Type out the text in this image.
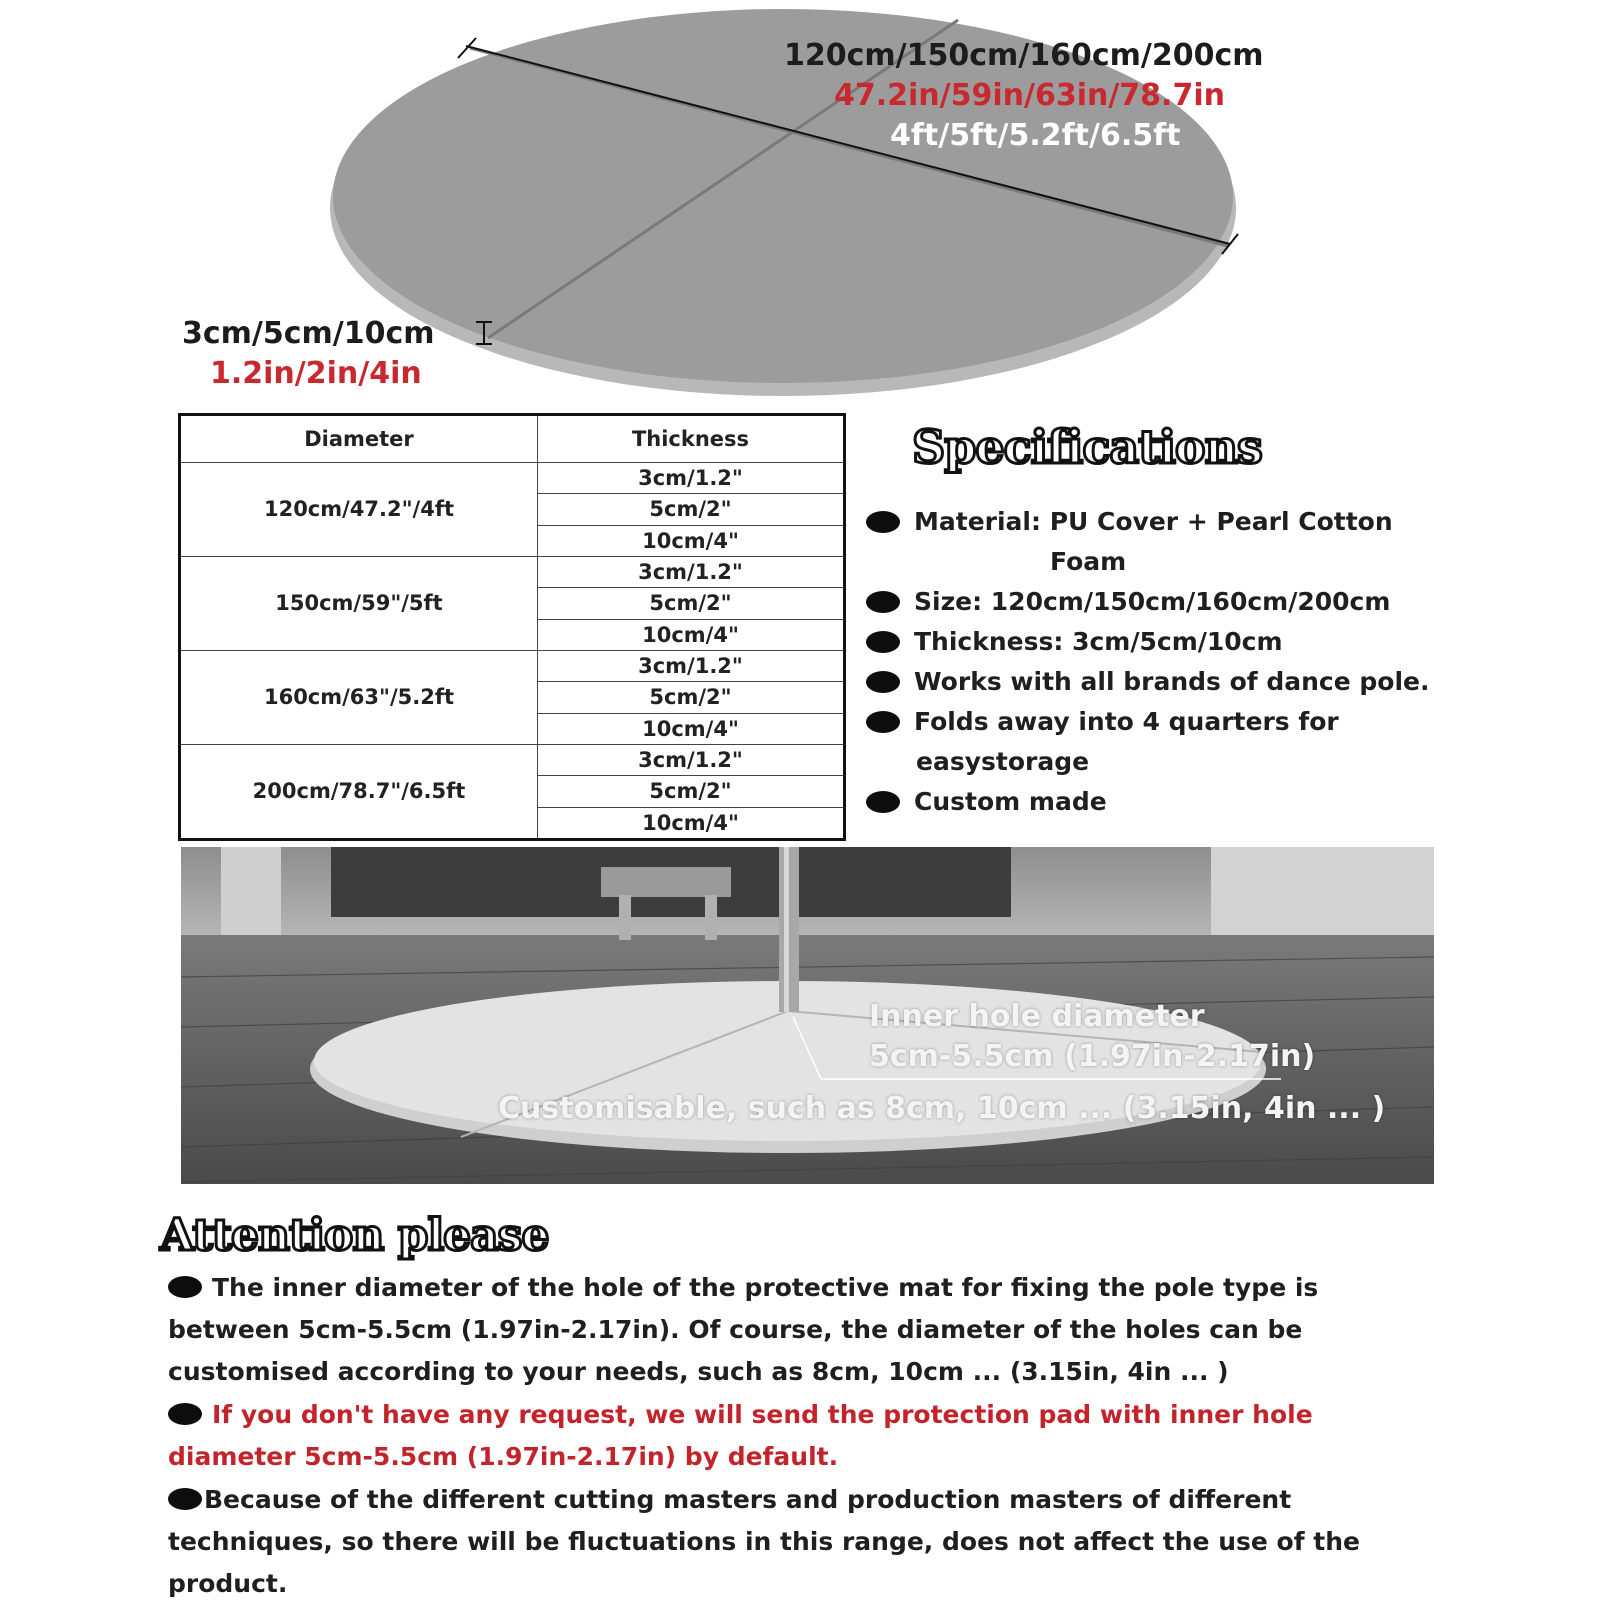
120cm/150cm/160cm/200cm
47.2in/59in/63in/78.7in
4ft/5ft/5.2ft/6.5ft
3cm/5cm/10cm
1.2in/2in/4in
Diameter	Thickness
120cm/47.2"/4ft	3cm/1.2"
	5cm/2"
	10cm/4"
150cm/59"/5ft	3cm/1.2"
	5cm/2"
	10cm/4"
160cm/63"/5.2ft	3cm/1.2"
	5cm/2"
	10cm/4"
200cm/78.7"/6.5ft	3cm/1.2"
	5cm/2"
	10cm/4"
Specifications
Material: PU Cover + Pearl Cotton
Foam
Size: 120cm/150cm/160cm/200cm
Thickness: 3cm/5cm/10cm
Works with all brands of dance pole.
Folds away into 4 quarters for
easystorage
Custom made
Inner hole diameter
5cm-5.5cm (1.97in-2.17in)
Customisable, such as 8cm, 10cm ... (3.15in, 4in ... )
Attention please

The inner diameter of the hole of the protective mat for fixing the pole type is between 5cm-5.5cm (1.97in-2.17in). Of course, the diameter of the holes can be customised according to your needs, such as 8cm, 10cm ... (3.15in, 4in ... )

If you don't have any request, we will send the protection pad with inner hole diameter 5cm-5.5cm (1.97in-2.17in) by default.

Because of the different cutting masters and production masters of different techniques, so there will be fluctuations in this range, does not affect the use of the product.
